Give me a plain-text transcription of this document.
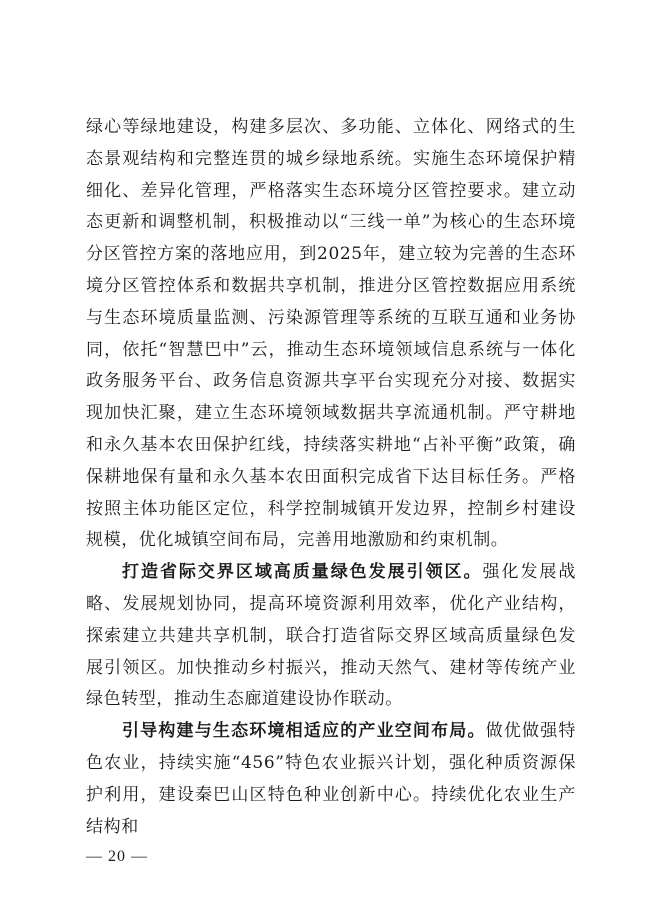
绿心等绿地建设，构建多层次、多功能、立体化、网络式的生态景观结构和完整连贯的城乡绿地系统。实施生态环境保护精细化、差异化管理，严格落实生态环境分区管控要求。建立动态更新和调整机制，积极推动以“三线一单”为核心的生态环境分区管控方案的落地应用，到2025年，建立较为完善的生态环境分区管控体系和数据共享机制，推进分区管控数据应用系统与生态环境质量监测、污染源管理等系统的互联互通和业务协同，依托“智慧巴中”云，推动生态环境领域信息系统与一体化政务服务平台、政务信息资源共享平台实现充分对接、数据实现加快汇聚，建立生态环境领域数据共享流通机制。严守耕地和永久基本农田保护红线，持续落实耕地“占补平衡”政策，确保耕地保有量和永久基本农田面积完成省下达目标任务。严格按照主体功能区定位，科学控制城镇开发边界，控制乡村建设规模，优化城镇空间布局，完善用地激励和约束机制。

打造省际交界区域高质量绿色发展引领区。强化发展战略、发展规划协同，提高环境资源利用效率，优化产业结构，探索建立共建共享机制，联合打造省际交界区域高质量绿色发展引领区。加快推动乡村振兴，推动天然气、建材等传统产业绿色转型，推动生态廊道建设协作联动。

引导构建与生态环境相适应的产业空间布局。做优做强特色农业，持续实施“456”特色农业振兴计划，强化种质资源保护利用，建设秦巴山区特色种业创新中心。持续优化农业生产结构和

— 20 —
